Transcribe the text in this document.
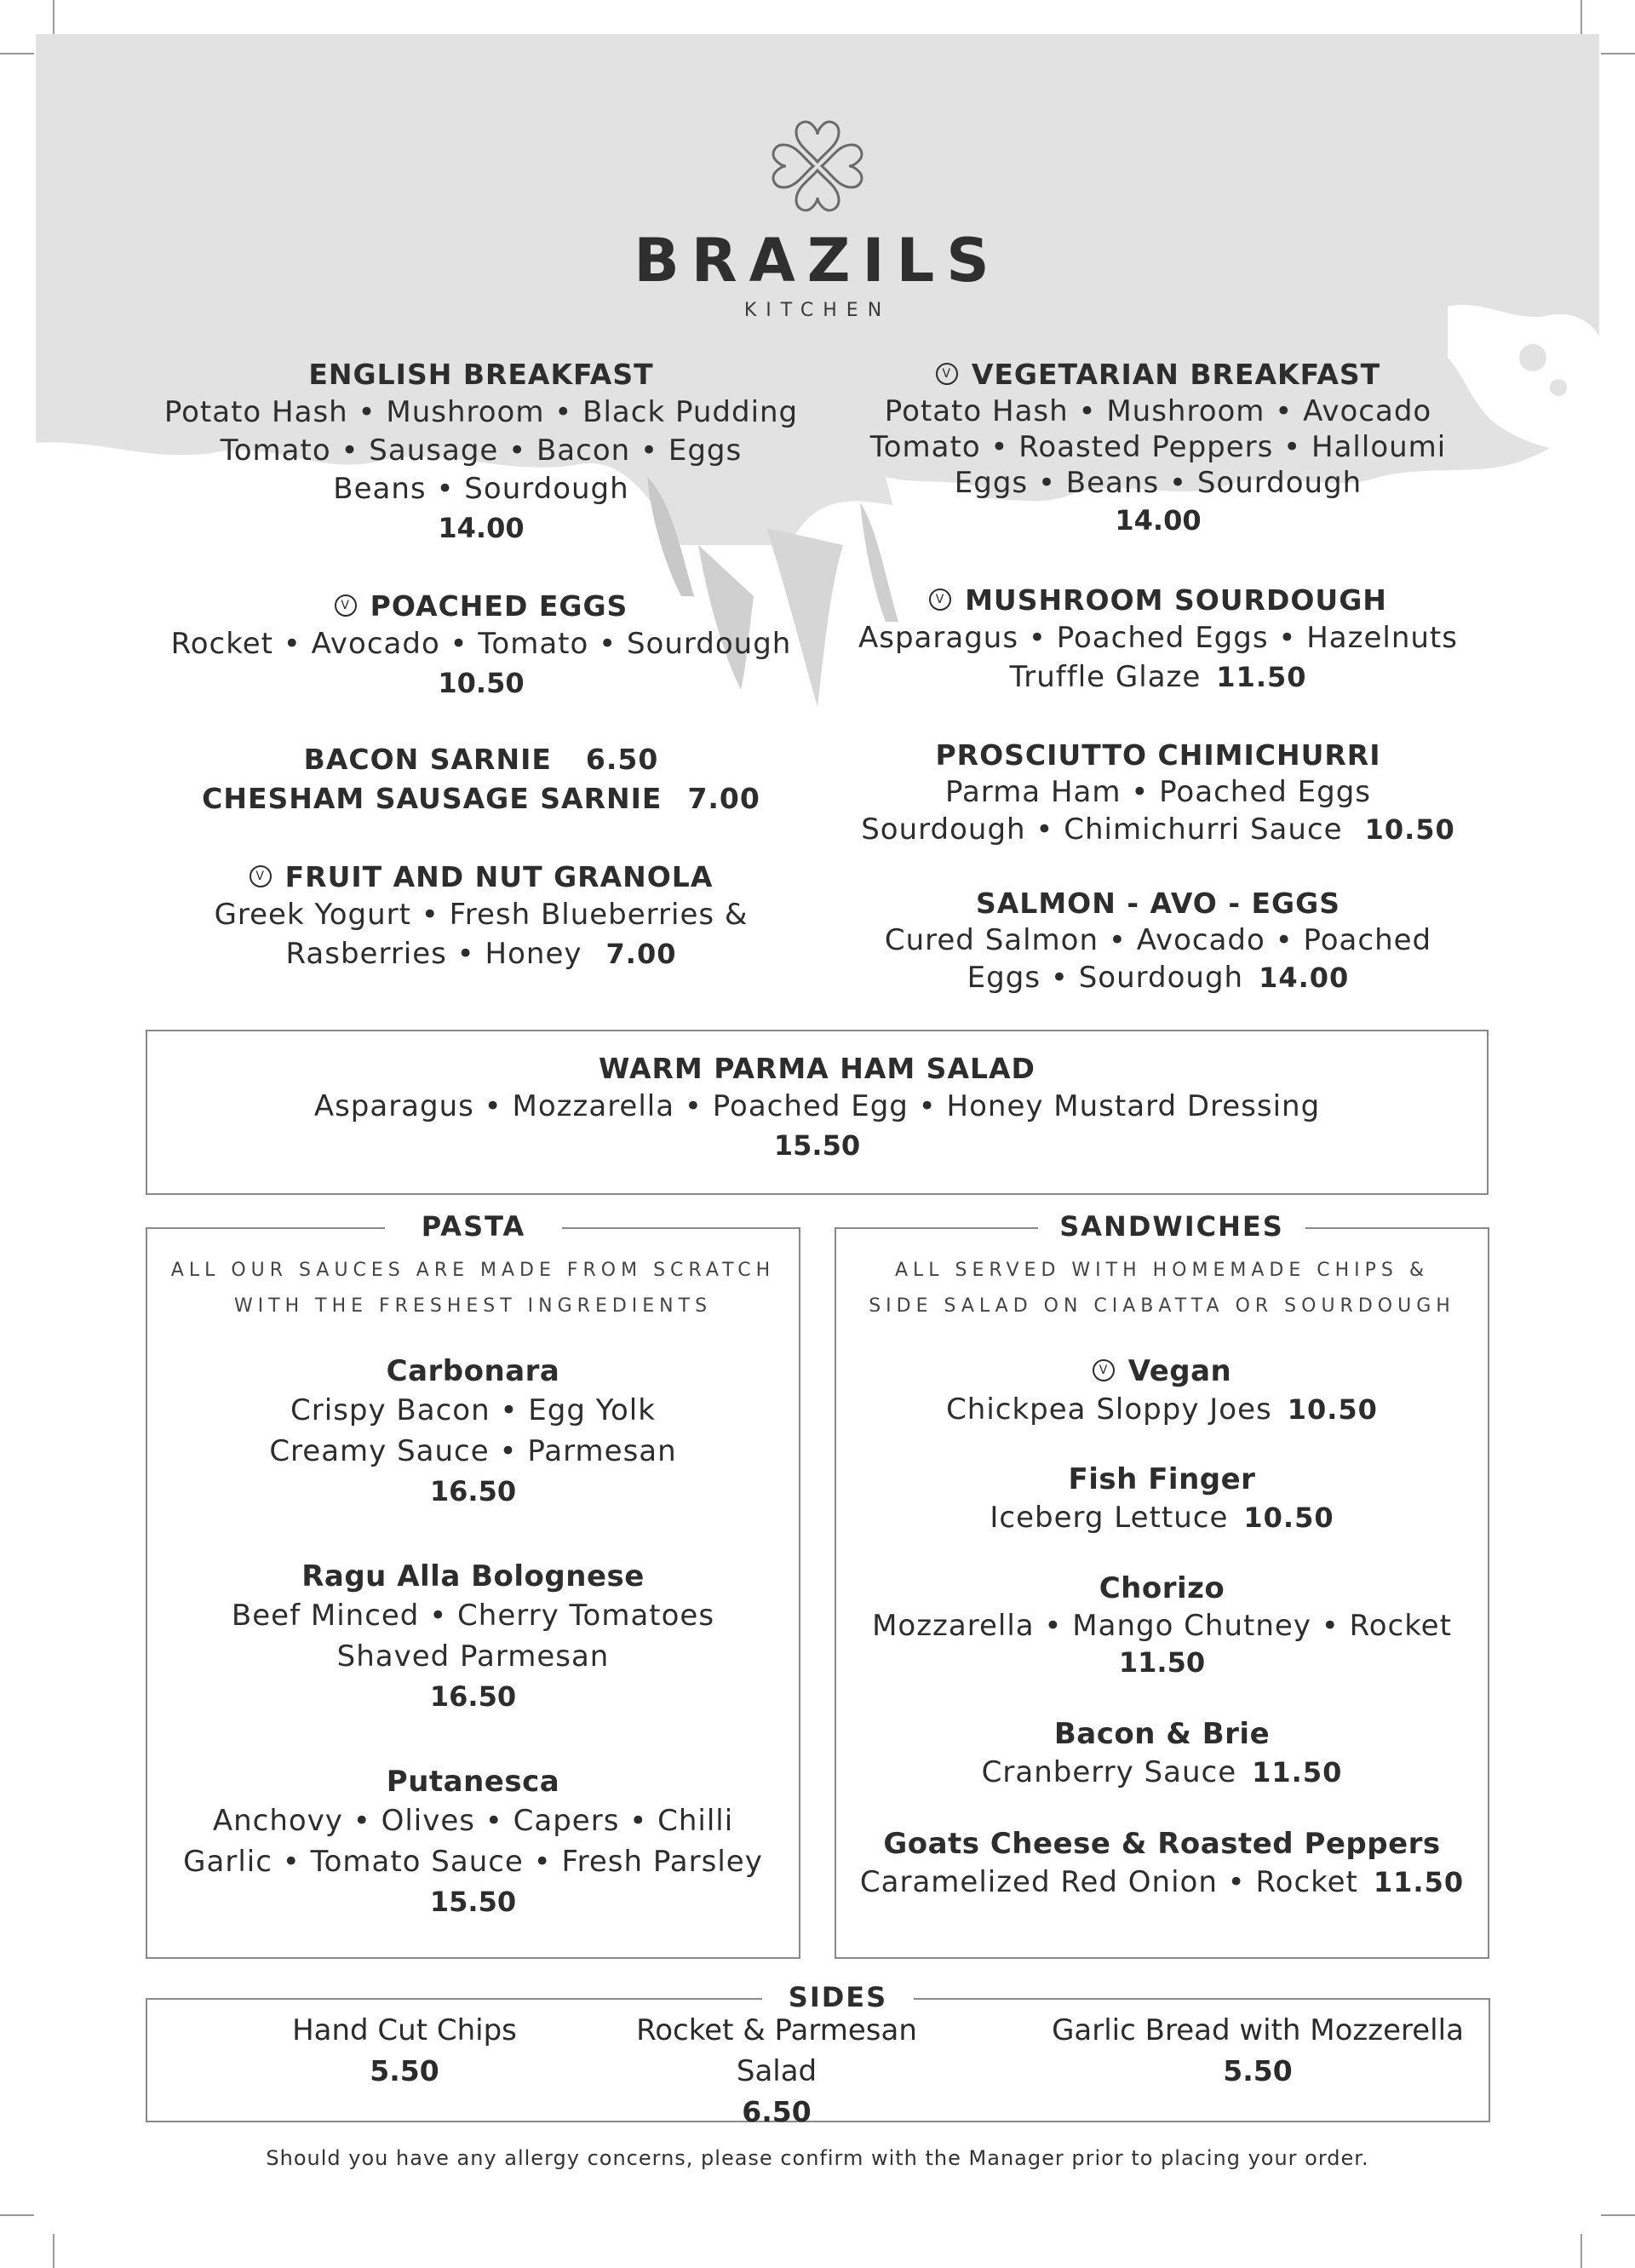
BRAZILS
KITCHEN
ENGLISH BREAKFAST
Potato Hash • Mushroom • Black Pudding
Tomato • Sausage • Bacon • Eggs
Beans • Sourdough
14.00
V POACHED EGGS
Rocket • Avocado • Tomato • Sourdough
10.50
BACON SARNIE 6.50
CHESHAM SAUSAGE SARNIE 7.00
V FRUIT AND NUT GRANOLA
Greek Yogurt • Fresh Blueberries &
Rasberries • Honey 7.00
V VEGETARIAN BREAKFAST
Potato Hash • Mushroom • Avocado
Tomato • Roasted Peppers • Halloumi
Eggs • Beans • Sourdough
14.00
V MUSHROOM SOURDOUGH
Asparagus • Poached Eggs • Hazelnuts
Truffle Glaze 11.50
PROSCIUTTO CHIMICHURRI
Parma Ham • Poached Eggs
Sourdough • Chimichurri Sauce 10.50
SALMON - AVO - EGGS
Cured Salmon • Avocado • Poached
Eggs • Sourdough 14.00
WARM PARMA HAM SALAD
Asparagus • Mozzarella • Poached Egg • Honey Mustard Dressing
15.50
PASTA
ALL OUR SAUCES ARE MADE FROM SCRATCH
WITH THE FRESHEST INGREDIENTS
Carbonara
Crispy Bacon • Egg Yolk
Creamy Sauce • Parmesan
16.50
Ragu Alla Bolognese
Beef Minced • Cherry Tomatoes
Shaved Parmesan
16.50
Putanesca
Anchovy • Olives • Capers • Chilli
Garlic • Tomato Sauce • Fresh Parsley
15.50
SANDWICHES
ALL SERVED WITH HOMEMADE CHIPS &
SIDE SALAD ON CIABATTA OR SOURDOUGH
V Vegan
Chickpea Sloppy Joes 10.50
Fish Finger
Iceberg Lettuce 10.50
Chorizo
Mozzarella • Mango Chutney • Rocket
11.50
Bacon & Brie
Cranberry Sauce 11.50
Goats Cheese & Roasted Peppers
Caramelized Red Onion • Rocket 11.50
SIDES
Hand Cut Chips
5.50
Rocket & Parmesan Salad
6.50
Garlic Bread with Mozzerella
5.50
Should you have any allergy concerns, please confirm with the Manager prior to placing your order.
